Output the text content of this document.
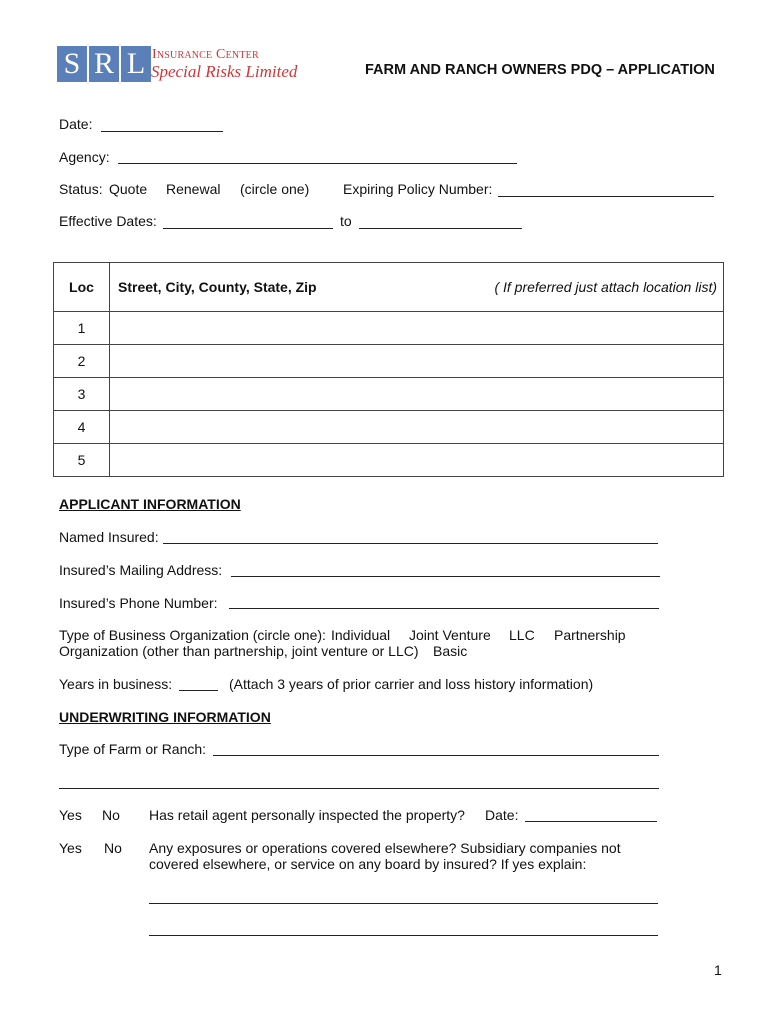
S R L Insurance Center
Special Risks Limited	FARM AND RANCH OWNERS PDQ – APPLICATION
Date:
Agency:
Status: Quote Renewal (circle one) Expiring Policy Number:
Effective Dates:	to
Loc	Street, City, County, State, Zip ( If preferred just attach location list)

1	
2	
3	
4	
5	
APPLICANT INFORMATION
Named Insured:
Insured’s Mailing Address:
Insured’s Phone Number:
Type of Business Organization (circle one): Individual Joint Venture LLC Partnership
Organization (other than partnership, joint venture or LLC) Basic
Years in business:	(Attach 3 years of prior carrier and loss history information)
UNDERWRITING INFORMATION
Type of Farm or Ranch:
Yes No Has retail agent personally inspected the property? Date:
Yes No Any exposures or operations covered elsewhere? Subsidiary companies not
covered elsewhere, or service on any board by insured? If yes explain:
1
